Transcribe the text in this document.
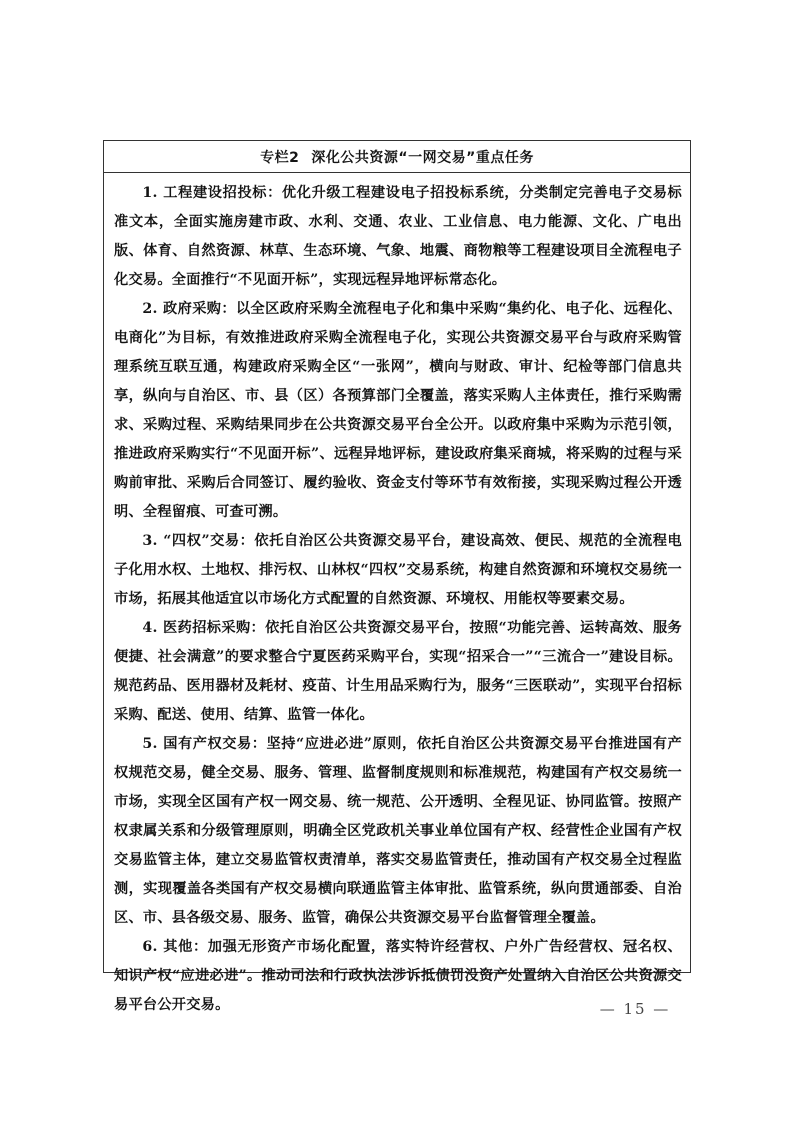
专栏2 深化公共资源“一网交易”重点任务

1. 工程建设招投标：优化升级工程建设电子招投标系统，分类制定完善电子交易标准文本，全面实施房建市政、水利、交通、农业、工业信息、电力能源、文化、广电出版、体育、自然资源、林草、生态环境、气象、地震、商物粮等工程建设项目全流程电子化交易。全面推行“不见面开标”，实现远程异地评标常态化。

2. 政府采购：以全区政府采购全流程电子化和集中采购“集约化、电子化、远程化、电商化”为目标，有效推进政府采购全流程电子化，实现公共资源交易平台与政府采购管理系统互联互通，构建政府采购全区“一张网”，横向与财政、审计、纪检等部门信息共享，纵向与自治区、市、县（区）各预算部门全覆盖，落实采购人主体责任，推行采购需求、采购过程、采购结果同步在公共资源交易平台全公开。以政府集中采购为示范引领，推进政府采购实行“不见面开标”、远程异地评标，建设政府集采商城，将采购的过程与采购前审批、采购后合同签订、履约验收、资金支付等环节有效衔接，实现采购过程公开透明、全程留痕、可查可溯。

3. “四权”交易：依托自治区公共资源交易平台，建设高效、便民、规范的全流程电子化用水权、土地权、排污权、山林权“四权”交易系统，构建自然资源和环境权交易统一市场，拓展其他适宜以市场化方式配置的自然资源、环境权、用能权等要素交易。

4. 医药招标采购：依托自治区公共资源交易平台，按照“功能完善、运转高效、服务便捷、社会满意”的要求整合宁夏医药采购平台，实现“招采合一”“三流合一”建设目标。规范药品、医用器材及耗材、疫苗、计生用品采购行为，服务“三医联动”，实现平台招标采购、配送、使用、结算、监管一体化。

5. 国有产权交易：坚持“应进必进”原则，依托自治区公共资源交易平台推进国有产权规范交易，健全交易、服务、管理、监督制度规则和标准规范，构建国有产权交易统一市场，实现全区国有产权一网交易、统一规范、公开透明、全程见证、协同监管。按照产权隶属关系和分级管理原则，明确全区党政机关事业单位国有产权、经营性企业国有产权交易监管主体，建立交易监管权责清单，落实交易监管责任，推动国有产权交易全过程监测，实现覆盖各类国有产权交易横向联通监管主体审批、监管系统，纵向贯通部委、自治区、市、县各级交易、服务、监管，确保公共资源交易平台监督管理全覆盖。

6. 其他：加强无形资产市场化配置，落实特许经营权、户外广告经营权、冠名权、知识产权“应进必进”。推动司法和行政执法涉诉抵债罚没资产处置纳入自治区公共资源交易平台公开交易。	— 15 —
